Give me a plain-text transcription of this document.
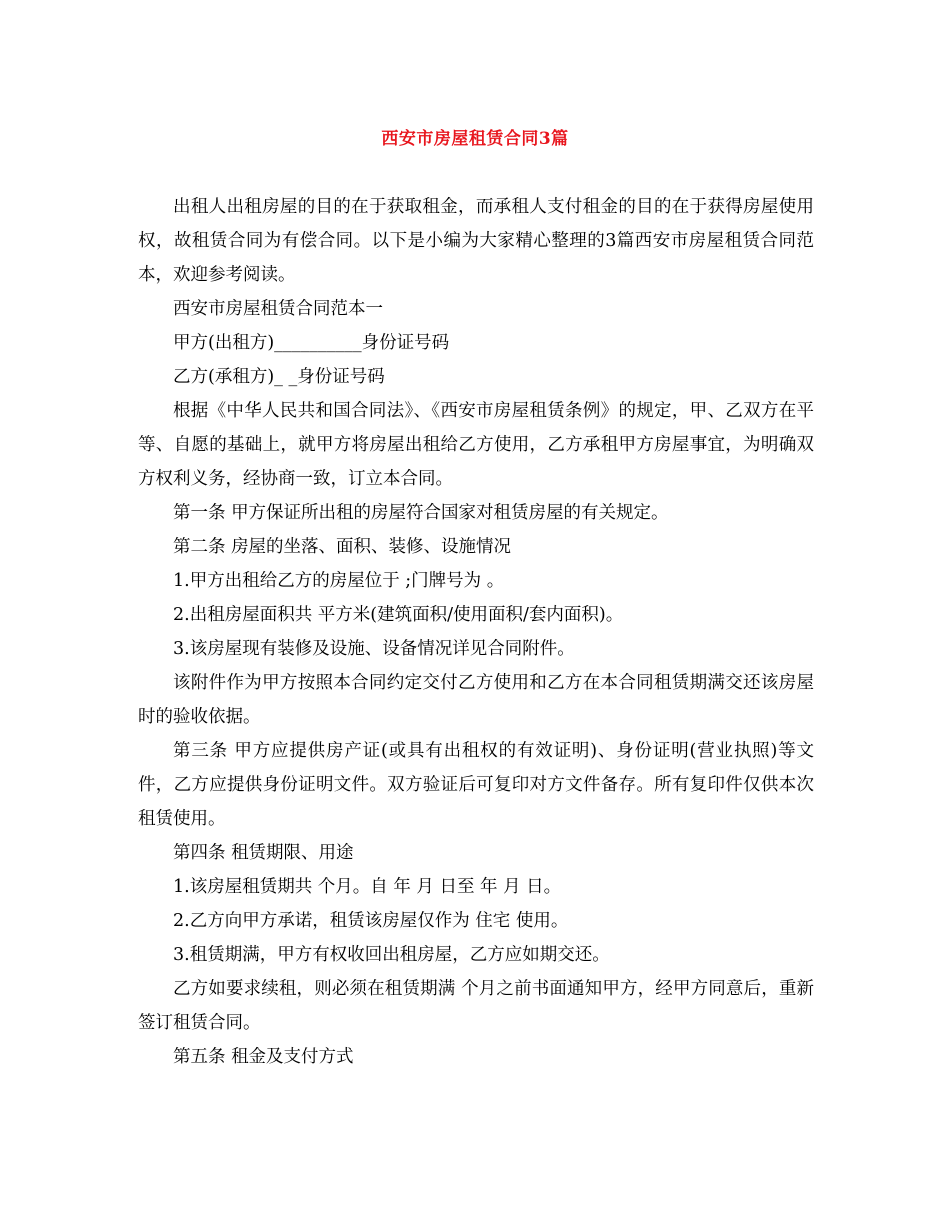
西安市房屋租赁合同3篇

出租人出租房屋的目的在于获取租金，而承租人支付租金的目的在于获得房屋使用权，故租赁合同为有偿合同。以下是小编为大家精心整理的3篇西安市房屋租赁合同范本，欢迎参考阅读。

西安市房屋租赁合同范本一

甲方(出租方)__________身份证号码

乙方(承租方)_ _身份证号码

根据《中华人民共和国合同法》、《西安市房屋租赁条例》的规定，甲、乙双方在平等、自愿的基础上，就甲方将房屋出租给乙方使用，乙方承租甲方房屋事宜，为明确双方权利义务，经协商一致，订立本合同。

第一条 甲方保证所出租的房屋符合国家对租赁房屋的有关规定。

第二条 房屋的坐落、面积、装修、设施情况

1.甲方出租给乙方的房屋位于 ;门牌号为 。

2.出租房屋面积共 平方米(建筑面积/使用面积/套内面积)。

3.该房屋现有装修及设施、设备情况详见合同附件。

该附件作为甲方按照本合同约定交付乙方使用和乙方在本合同租赁期满交还该房屋时的验收依据。

第三条 甲方应提供房产证(或具有出租权的有效证明)、身份证明(营业执照)等文件，乙方应提供身份证明文件。双方验证后可复印对方文件备存。所有复印件仅供本次租赁使用。

第四条 租赁期限、用途

1.该房屋租赁期共 个月。自 年 月 日至 年 月 日。

2.乙方向甲方承诺，租赁该房屋仅作为 住宅 使用。

3.租赁期满，甲方有权收回出租房屋，乙方应如期交还。

乙方如要求续租，则必须在租赁期满 个月之前书面通知甲方，经甲方同意后，重新签订租赁合同。

第五条 租金及支付方式
